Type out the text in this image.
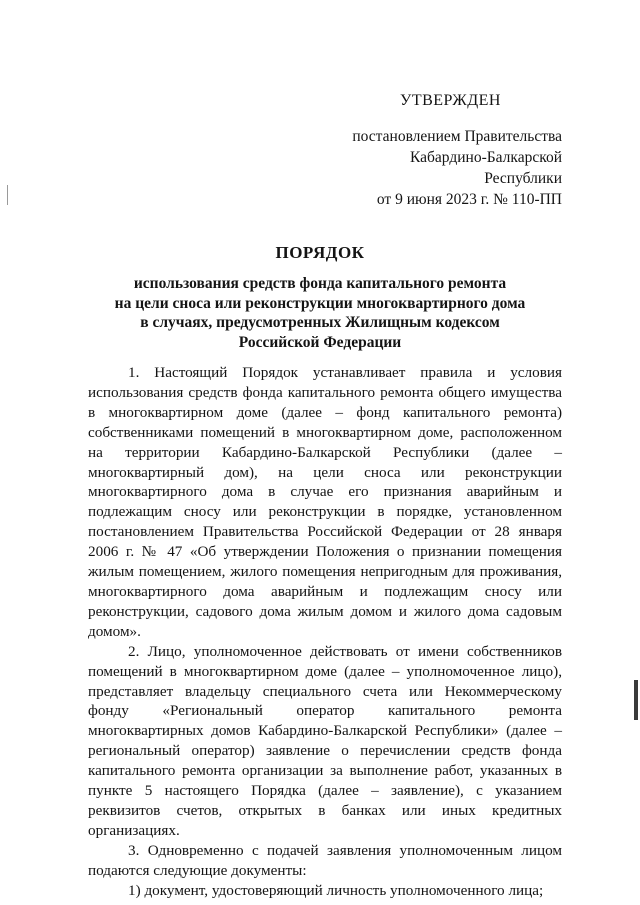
УТВЕРЖДЕН
постановлением Правительства
Кабардино-Балкарской Республики
от 9 июня 2023 г. № 110-ПП
ПОРЯДОК
использования средств фонда капитального ремонта
на цели сноса или реконструкции многоквартирного дома
в случаях, предусмотренных Жилищным кодексом
Российской Федерации

1. Настоящий Порядок устанавливает правила и условия использования средств фонда капитального ремонта общего имущества в многоквартирном доме (далее – фонд капитального ремонта) собственниками помещений в многоквартирном доме, расположенном на территории Кабардино-Балкарской Республики (далее – многоквартирный дом), на цели сноса или реконструкции многоквартирного дома в случае его признания аварийным и подлежащим сносу или реконструкции в порядке, установленном постановлением Правительства Российской Федерации от 28 января 2006 г. № 47 «Об утверждении Положения о признании помещения жилым помещением, жилого помещения непригодным для проживания, многоквартирного дома аварийным и подлежащим сносу или реконструкции, садового дома жилым домом и жилого дома садовым домом».

2. Лицо, уполномоченное действовать от имени собственников помещений в многоквартирном доме (далее – уполномоченное лицо), представляет владельцу специального счета или Некоммерческому фонду «Региональный оператор капитального ремонта многоквартирных домов Кабардино-Балкарской Республики» (далее – региональный оператор) заявление о перечислении средств фонда капитального ремонта организации за выполнение работ, указанных в пункте 5 настоящего Порядка (далее – заявление), с указанием реквизитов счетов, открытых в банках или иных кредитных организациях.

3. Одновременно с подачей заявления уполномоченным лицом подаются следующие документы:

1) документ, удостоверяющий личность уполномоченного лица;
